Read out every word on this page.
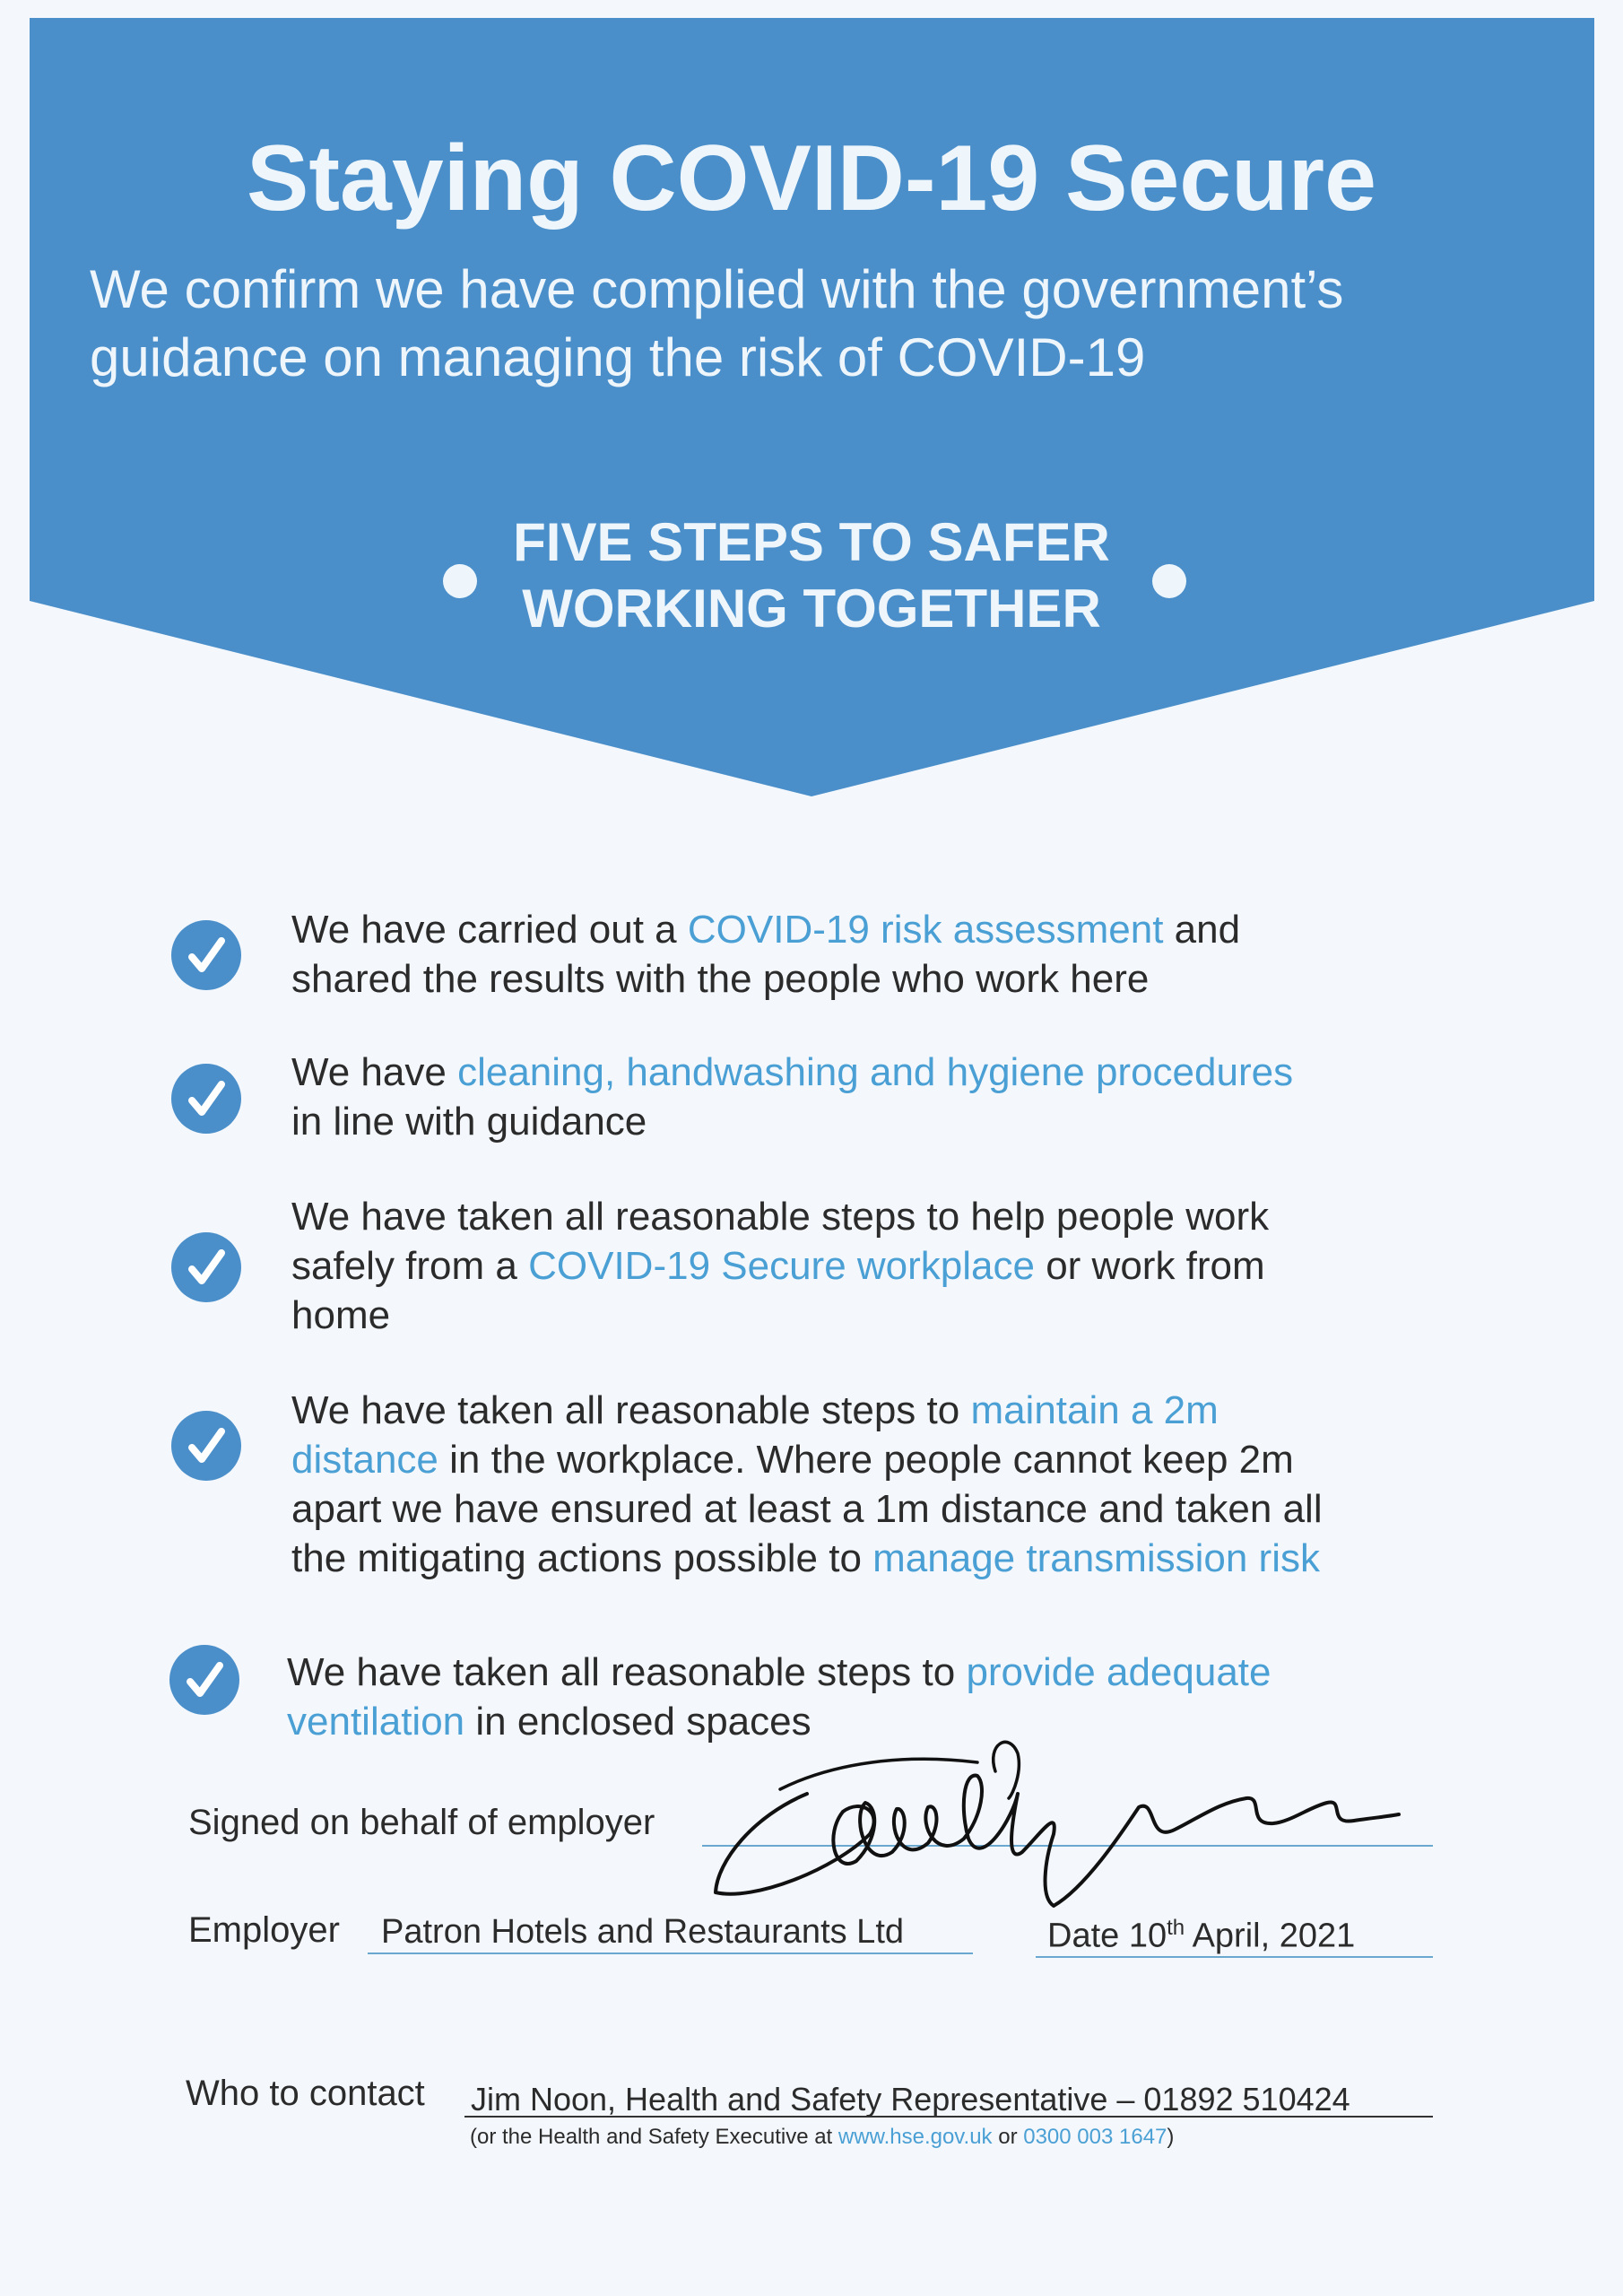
Staying COVID-19 Secure

We confirm we have complied with the government’s
guidance on managing the risk of COVID-19

FIVE STEPS TO SAFER
WORKING TOGETHER

We have carried out a COVID-19 risk assessment and
shared the results with the people who work here

We have cleaning, handwashing and hygiene procedures
in line with guidance

We have taken all reasonable steps to help people work
safely from a COVID-19 Secure workplace or work from
home

We have taken all reasonable steps to maintain a 2m
distance in the workplace. Where people cannot keep 2m
apart we have ensured at least a 1m distance and taken all
the mitigating actions possible to manage transmission risk

We have taken all reasonable steps to provide adequate
ventilation in enclosed spaces

Signed on behalf of employer

Employer Patron Hotels and Restaurants Ltd	Date 10th April, 2021

Who to contact Jim Noon, Health and Safety Representative – 01892 510424

(or the Health and Safety Executive at www.hse.gov.uk or 0300 003 1647)
